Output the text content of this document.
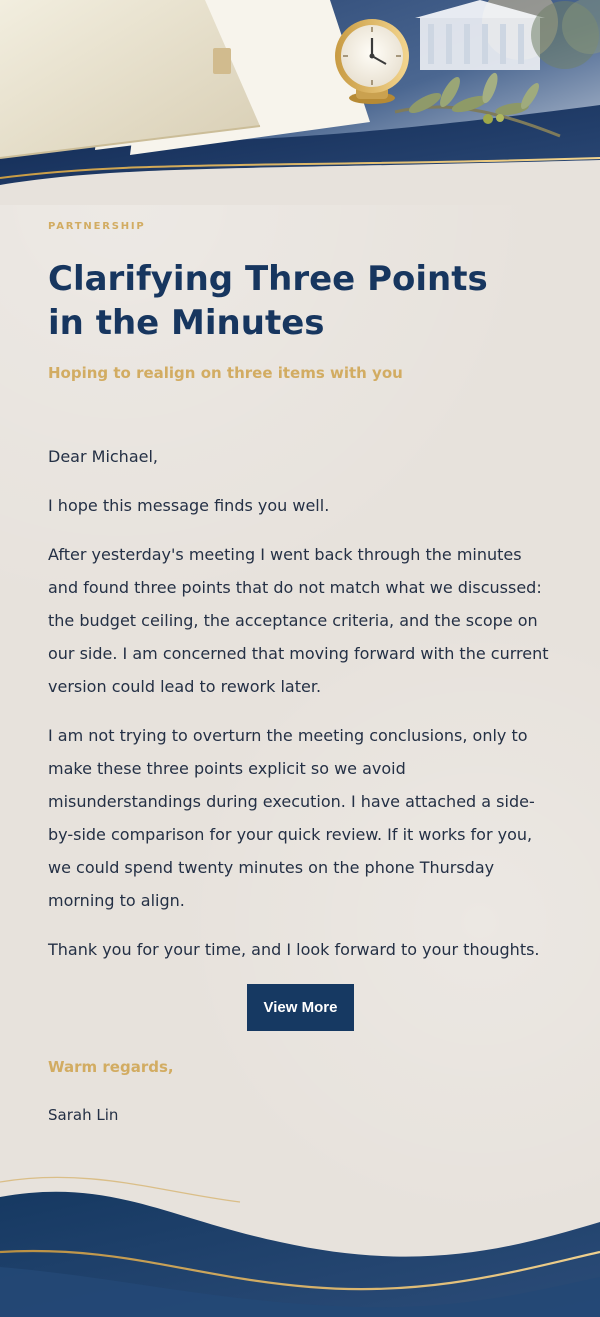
PARTNERSHIP
Clarifying Three Points in the Minutes
Hoping to realign on three items with you

Dear Michael,

I hope this message finds you well.

After yesterday's meeting I went back through the minutes and found three points that do not match what we discussed: the budget ceiling, the acceptance criteria, and the scope on our side. I am concerned that moving forward with the current version could lead to rework later.

I am not trying to overturn the meeting conclusions, only to make these three points explicit so we avoid misunderstandings during execution. I have attached a side-by-side comparison for your quick review. If it works for you, we could spend twenty minutes on the phone Thursday morning to align.

Thank you for your time, and I look forward to your thoughts.

View More
Warm regards,
Sarah Lin
